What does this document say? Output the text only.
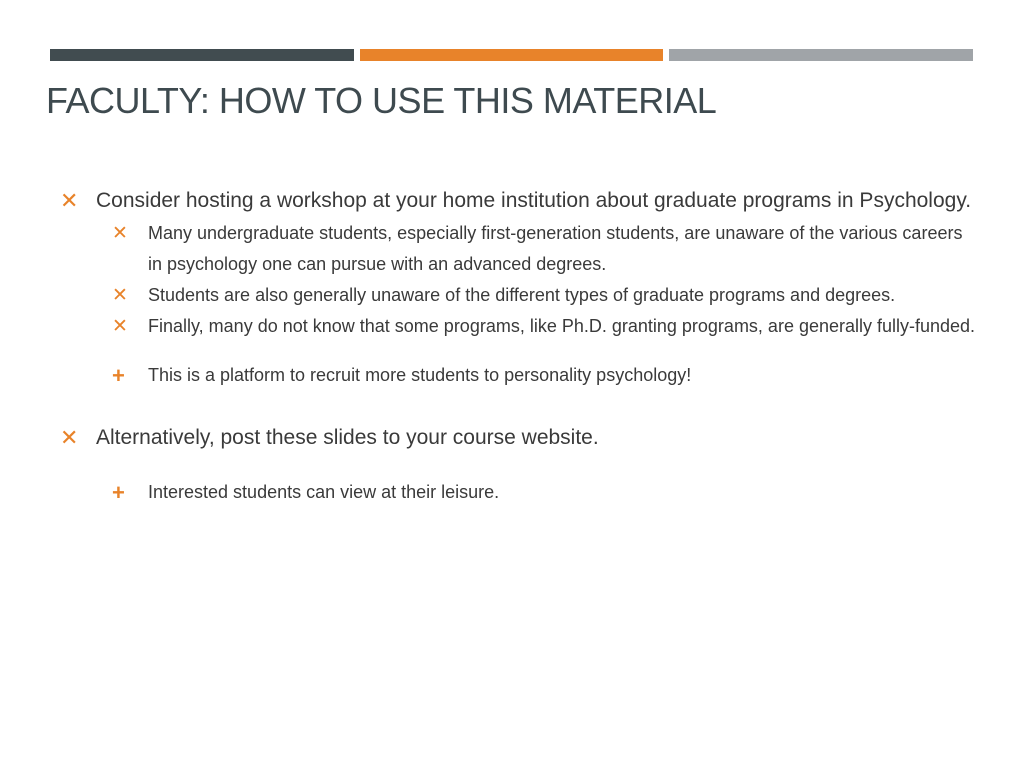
FACULTY: HOW TO USE THIS MATERIAL
✕ Consider hosting a workshop at your home institution about graduate programs in Psychology.
✕	Many undergraduate students, especially first-generation students, are unaware of the various careers in psychology one can pursue with an advanced degrees.
✕	Students are also generally unaware of the different types of graduate programs and degrees.
✕	Finally, many do not know that some programs, like Ph.D. granting programs, are generally fully-funded.
+	This is a platform to recruit more students to personality psychology!
✕ Alternatively, post these slides to your course website.
+	Interested students can view at their leisure.
